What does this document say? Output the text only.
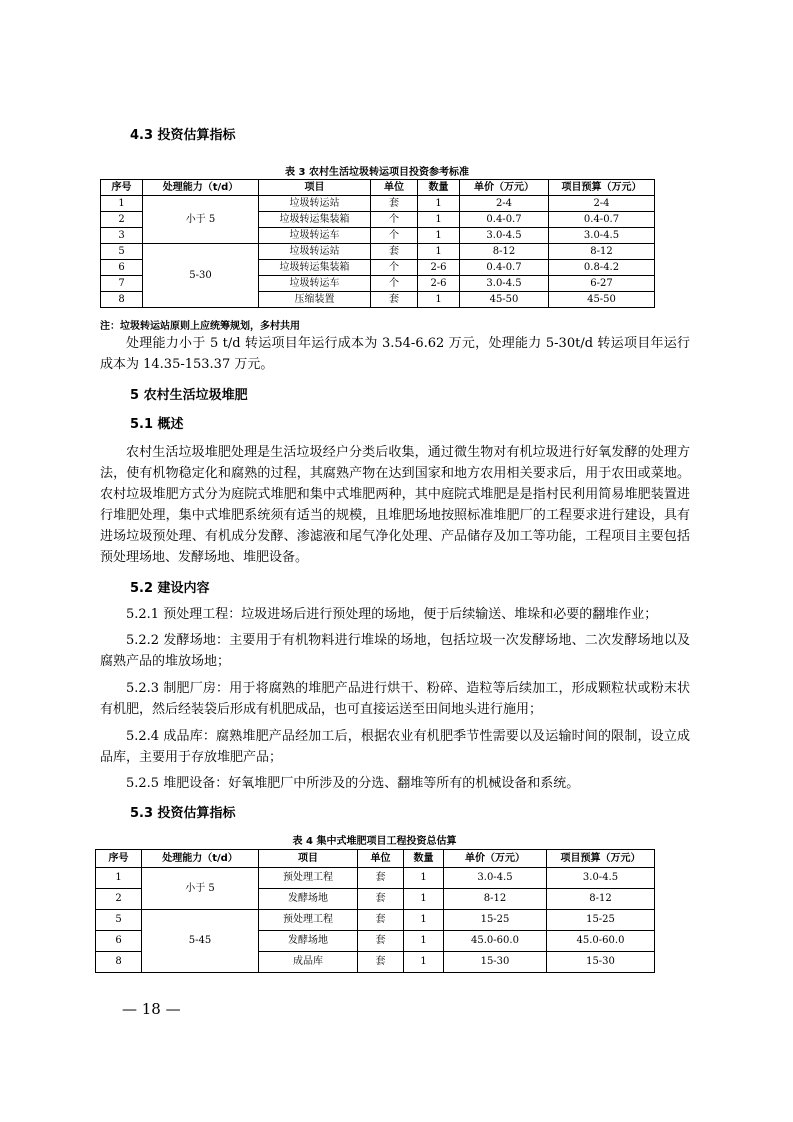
4.3 投资估算指标
表 3 农村生活垃圾转运项目投资参考标准
序号	处理能力（t/d）	项目	单位	数量	单价（万元）	项目预算（万元）
1	小于 5	垃圾转运站	套	1	2-4	2-4
2		垃圾转运集装箱	个	1	0.4-0.7	0.4-0.7
3		垃圾转运车	个	1	3.0-4.5	3.0-4.5
5	5-30	垃圾转运站	套	1	8-12	8-12
6		垃圾转运集装箱	个	2-6	0.4-0.7	0.8-4.2
7		垃圾转运车	个	2-6	3.0-4.5	6-27
8		压缩装置	套	1	45-50	45-50
注：垃圾转运站原则上应统筹规划，多村共用
处理能力小于 5 t/d 转运项目年运行成本为 3.54-6.62 万元，处理能力 5-30t/d 转运项目年运行成本为 14.35-153.37 万元。
5 农村生活垃圾堆肥
5.1 概述
农村生活垃圾堆肥处理是生活垃圾经户分类后收集，通过微生物对有机垃圾进行好氧发酵的处理方法，使有机物稳定化和腐熟的过程，其腐熟产物在达到国家和地方农用相关要求后，用于农田或菜地。农村垃圾堆肥方式分为庭院式堆肥和集中式堆肥两种，其中庭院式堆肥是是指村民利用简易堆肥装置进行堆肥处理，集中式堆肥系统须有适当的规模，且堆肥场地按照标准堆肥厂的工程要求进行建设，具有进场垃圾预处理、有机成分发酵、渗滤液和尾气净化处理、产品储存及加工等功能，工程项目主要包括预处理场地、发酵场地、堆肥设备。
5.2 建设内容
5.2.1 预处理工程：垃圾进场后进行预处理的场地，便于后续输送、堆垛和必要的翻堆作业；
5.2.2 发酵场地：主要用于有机物料进行堆垛的场地，包括垃圾一次发酵场地、二次发酵场地以及腐熟产品的堆放场地；
5.2.3 制肥厂房：用于将腐熟的堆肥产品进行烘干、粉碎、造粒等后续加工，形成颗粒状或粉末状有机肥，然后经装袋后形成有机肥成品，也可直接运送至田间地头进行施用；
5.2.4 成品库：腐熟堆肥产品经加工后，根据农业有机肥季节性需要以及运输时间的限制，设立成品库，主要用于存放堆肥产品；
5.2.5 堆肥设备：好氧堆肥厂中所涉及的分选、翻堆等所有的机械设备和系统。
5.3 投资估算指标
表 4 集中式堆肥项目工程投资总估算
序号	处理能力（t/d）	项目	单位	数量	单价（万元）	项目预算（万元）
1	小于 5	预处理工程	套	1	3.0-4.5	3.0-4.5
2		发酵场地	套	1	8-12	8-12
5	5-45	预处理工程	套	1	15-25	15-25
6		发酵场地	套	1	45.0-60.0	45.0-60.0
8		成品库	套	1	15-30	15-30
— 18 —
